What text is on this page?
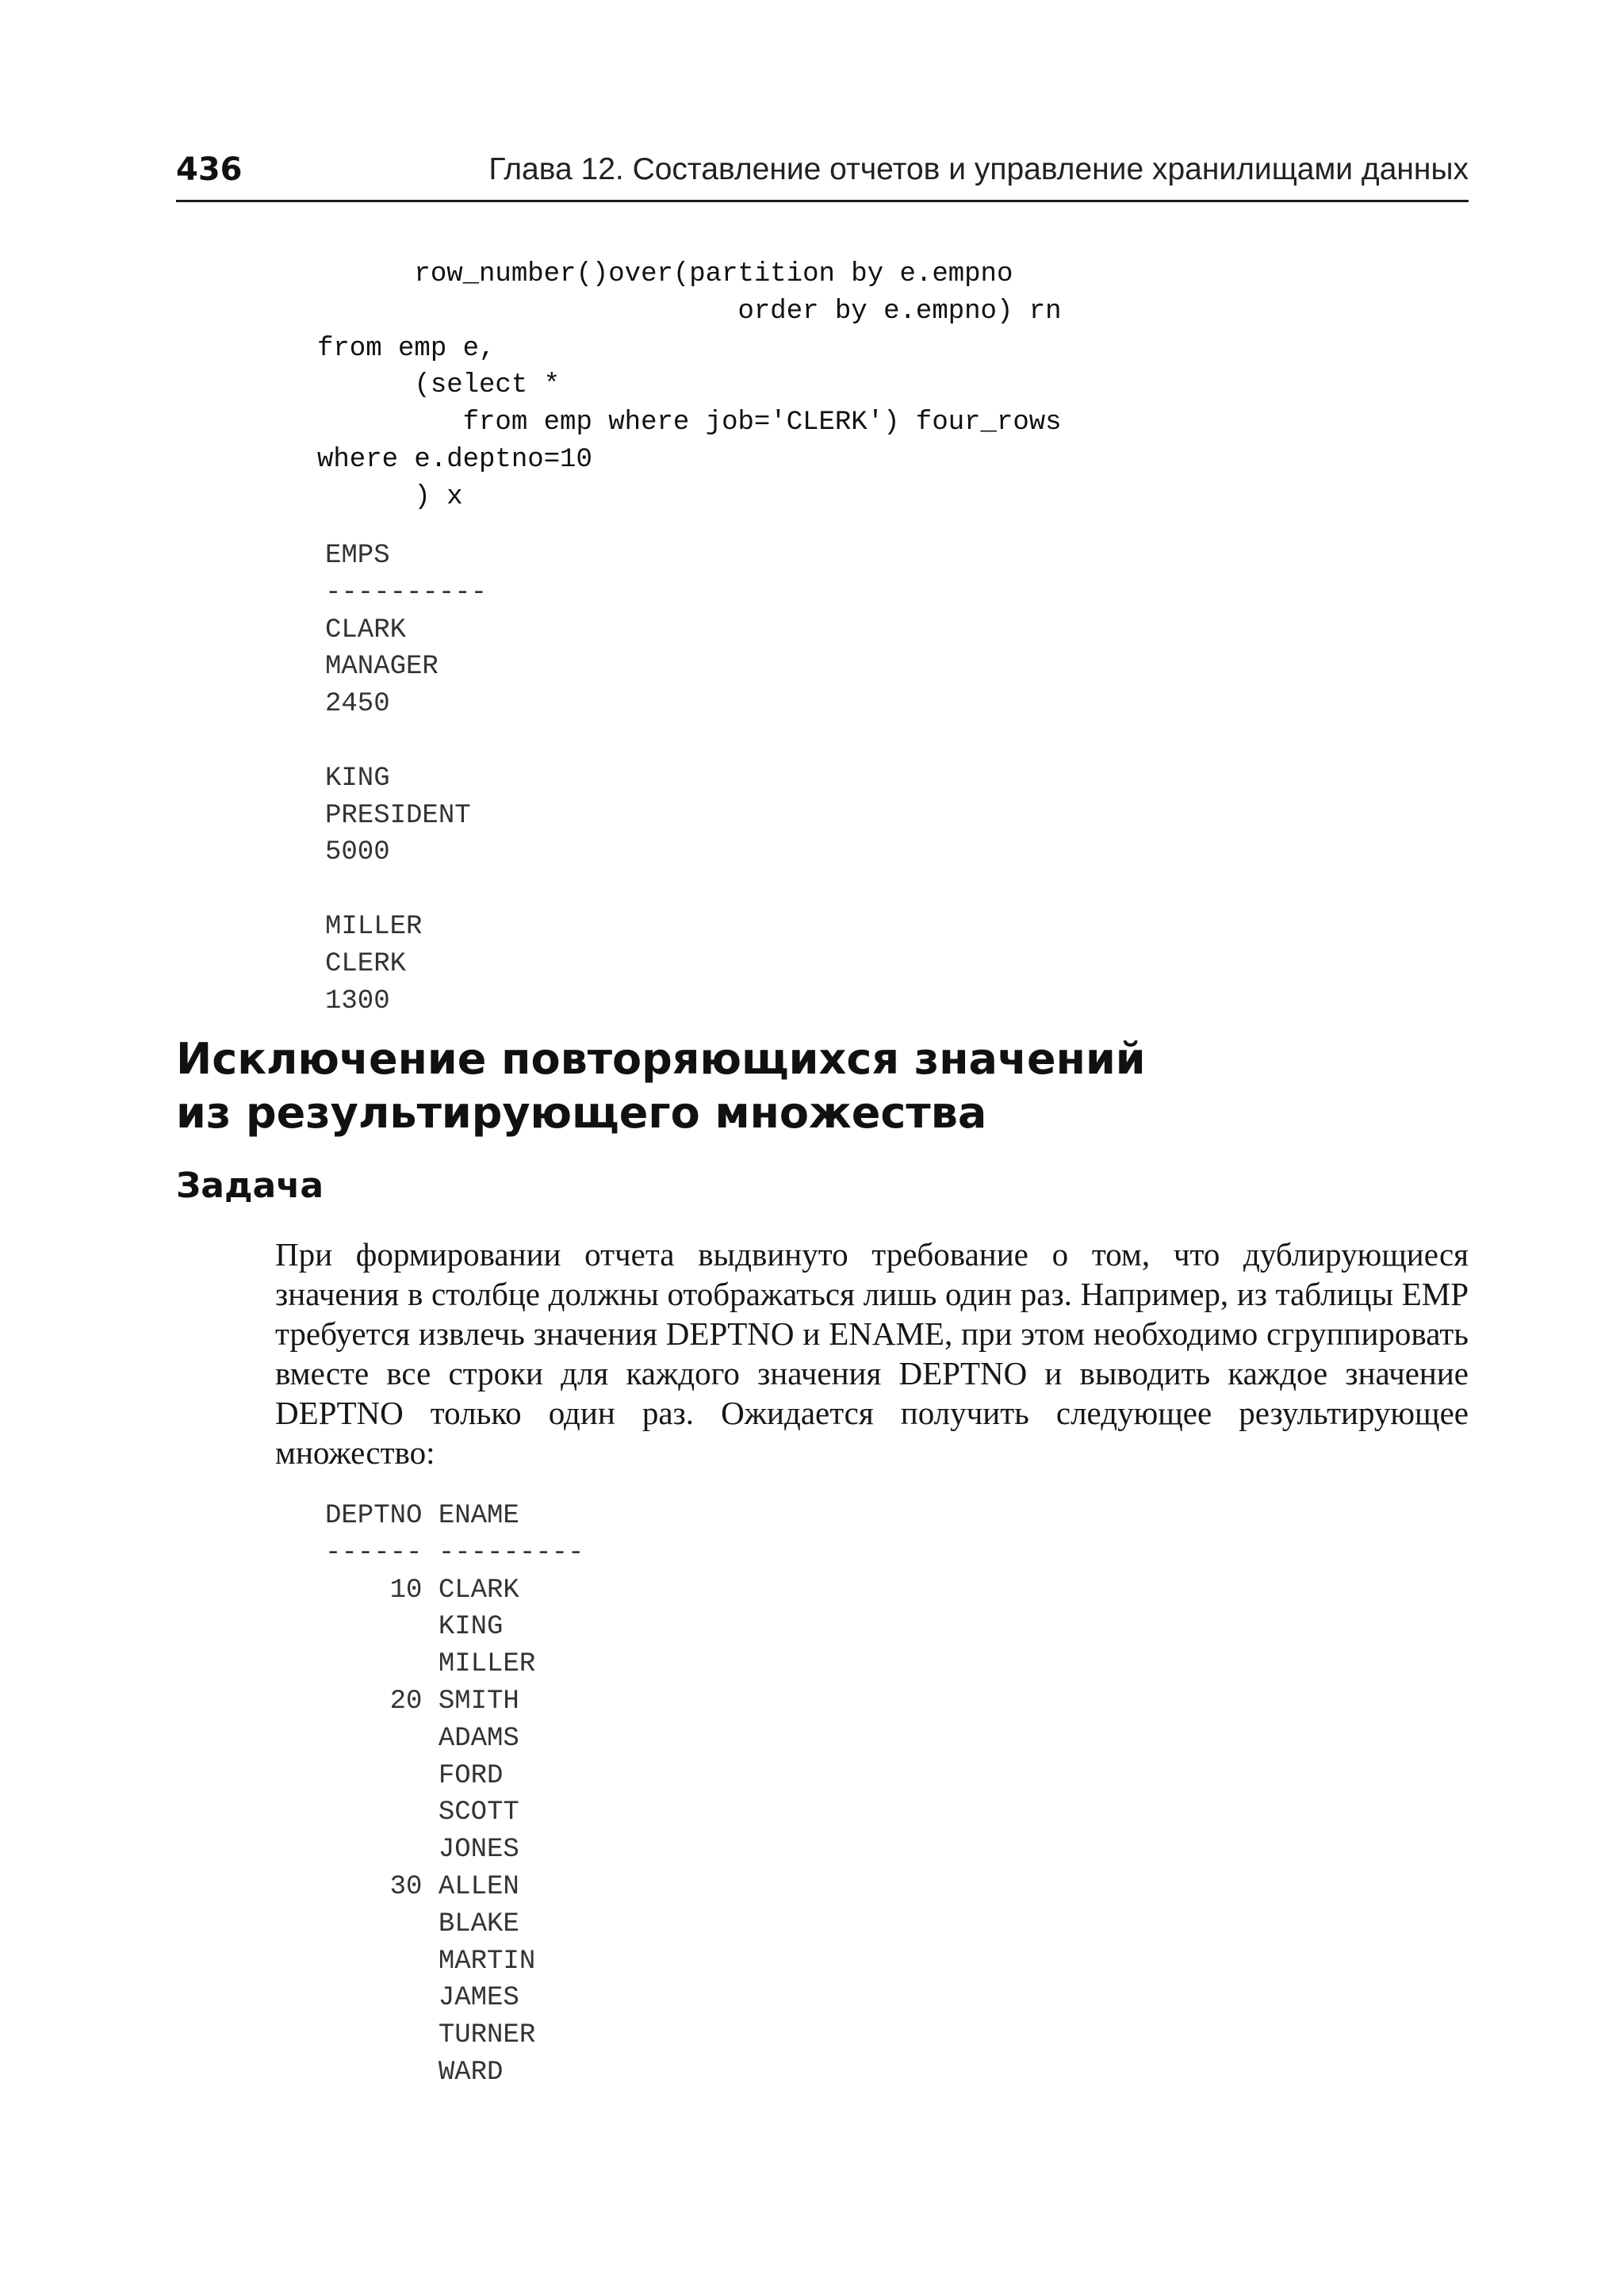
436	Глава 12. Составление отчетов и управление хранилищами данных
row_number()over(partition by e.empno
order by e.empno) rn
from emp e,
(select *
from emp where job='CLERK') four_rows
where e.deptno=10
) x
EMPS
----------
CLARK
MANAGER
2450

KING
PRESIDENT
5000

MILLER
CLERK
1300
Исключение повторяющихся значений
из результирующего множества
Задача

При формировании отчета выдвинуто требование о том, что дублирующиеся значения в столбце должны отображаться лишь один раз. Например, из таблицы EMP требуется извлечь значения DEPTNO и ENAME, при этом необходимо сгруппировать вместе все строки для каждого значения DEPTNO и выводить каждое значение DEPTNO только один раз. Ожидается получить следующее результирующее множество:

DEPTNO ENAME
------ ---------
10 CLARK
KING
MILLER
20 SMITH
ADAMS
FORD
SCOTT
JONES
30 ALLEN
BLAKE
MARTIN
JAMES
TURNER
WARD
